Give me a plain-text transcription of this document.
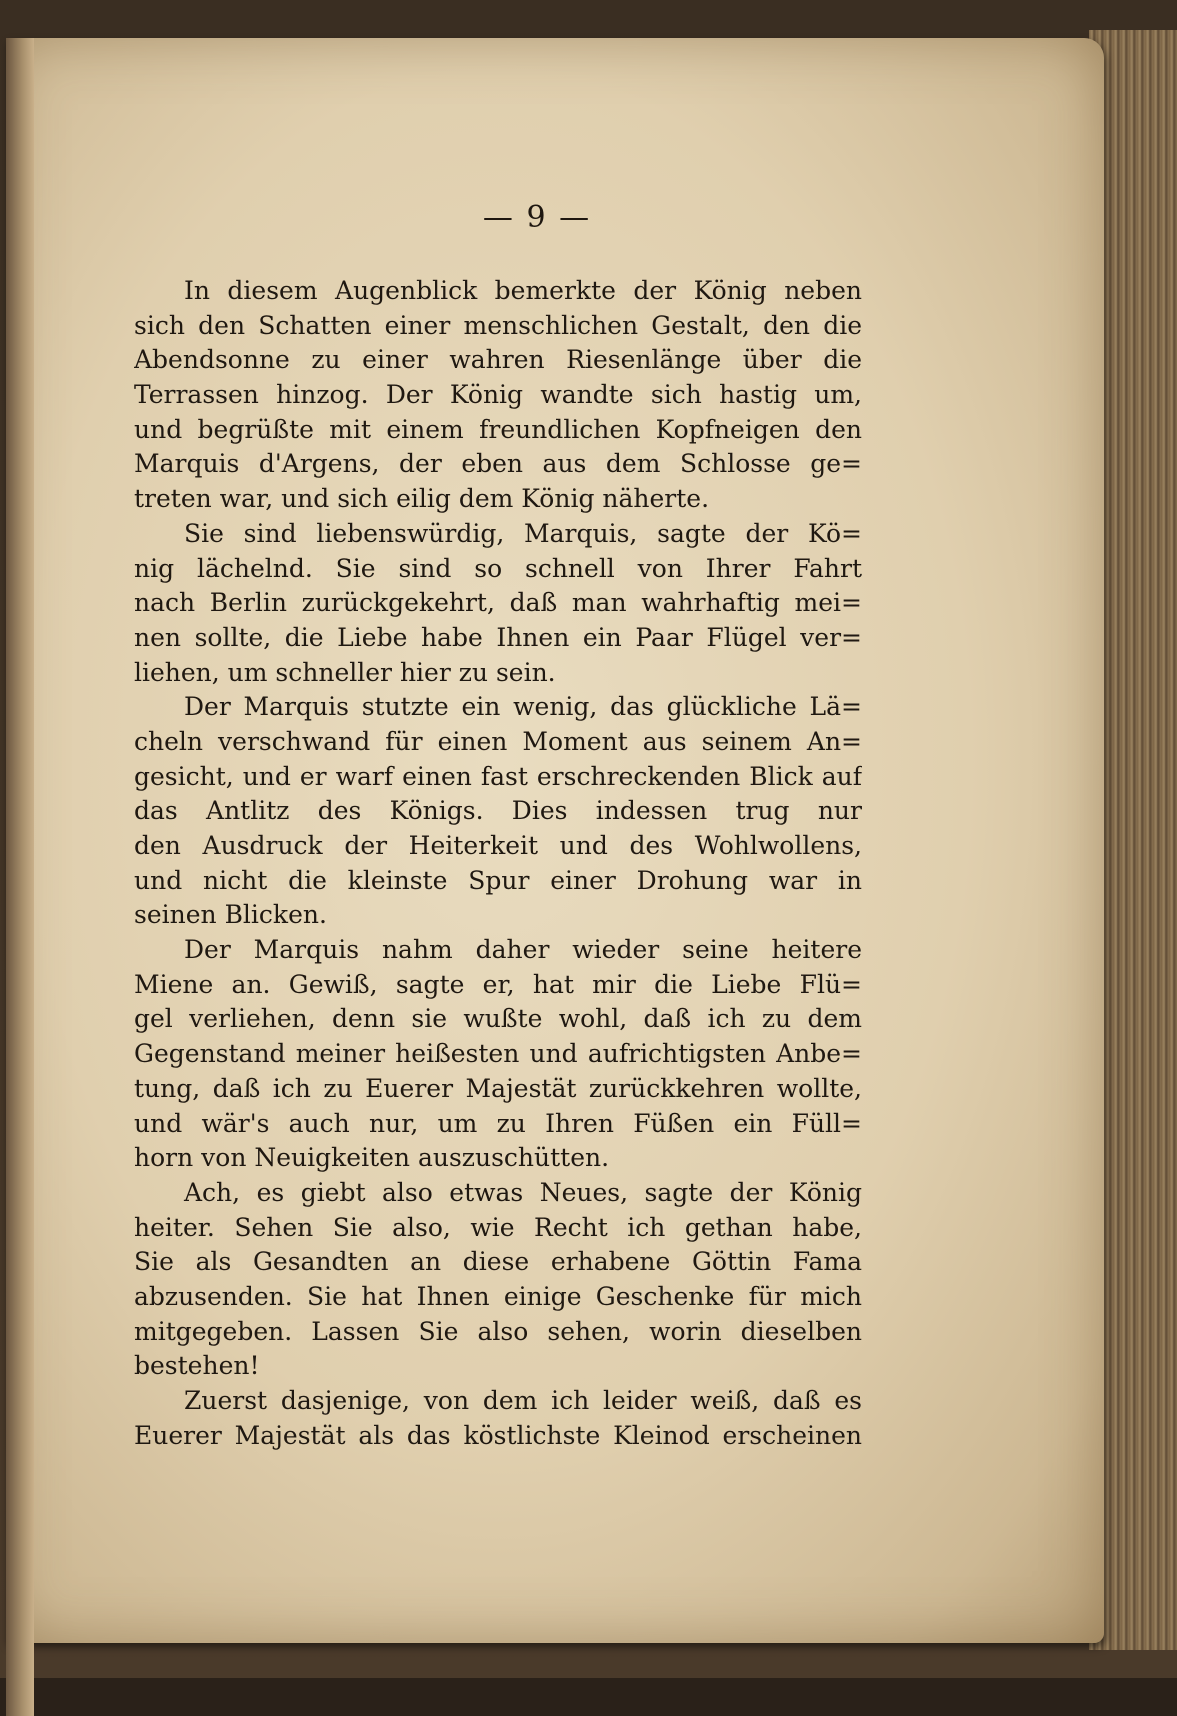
— 9 —
In diesem Augenblick bemerkte der König neben
sich den Schatten einer menschlichen Gestalt, den die
Abendsonne zu einer wahren Riesenlänge über die
Terrassen hinzog. Der König wandte sich hastig um,
und begrüßte mit einem freundlichen Kopfneigen den
Marquis d'Argens, der eben aus dem Schlosse ge=
treten war, und sich eilig dem König näherte.
Sie sind liebenswürdig, Marquis, sagte der Kö=
nig lächelnd. Sie sind so schnell von Ihrer Fahrt
nach Berlin zurückgekehrt, daß man wahrhaftig mei=
nen sollte, die Liebe habe Ihnen ein Paar Flügel ver=
liehen, um schneller hier zu sein.
Der Marquis stutzte ein wenig, das glückliche Lä=
cheln verschwand für einen Moment aus seinem An=
gesicht, und er warf einen fast erschreckenden Blick auf
das Antlitz des Königs. Dies indessen trug nur
den Ausdruck der Heiterkeit und des Wohlwollens,
und nicht die kleinste Spur einer Drohung war in
seinen Blicken.
Der Marquis nahm daher wieder seine heitere
Miene an. Gewiß, sagte er, hat mir die Liebe Flü=
gel verliehen, denn sie wußte wohl, daß ich zu dem
Gegenstand meiner heißesten und aufrichtigsten Anbe=
tung, daß ich zu Euerer Majestät zurückkehren wollte,
und wär's auch nur, um zu Ihren Füßen ein Füll=
horn von Neuigkeiten auszuschütten.
Ach, es giebt also etwas Neues, sagte der König
heiter. Sehen Sie also, wie Recht ich gethan habe,
Sie als Gesandten an diese erhabene Göttin Fama
abzusenden. Sie hat Ihnen einige Geschenke für mich
mitgegeben. Lassen Sie also sehen, worin dieselben
bestehen!
Zuerst dasjenige, von dem ich leider weiß, daß es
Euerer Majestät als das köstlichste Kleinod erscheinen
